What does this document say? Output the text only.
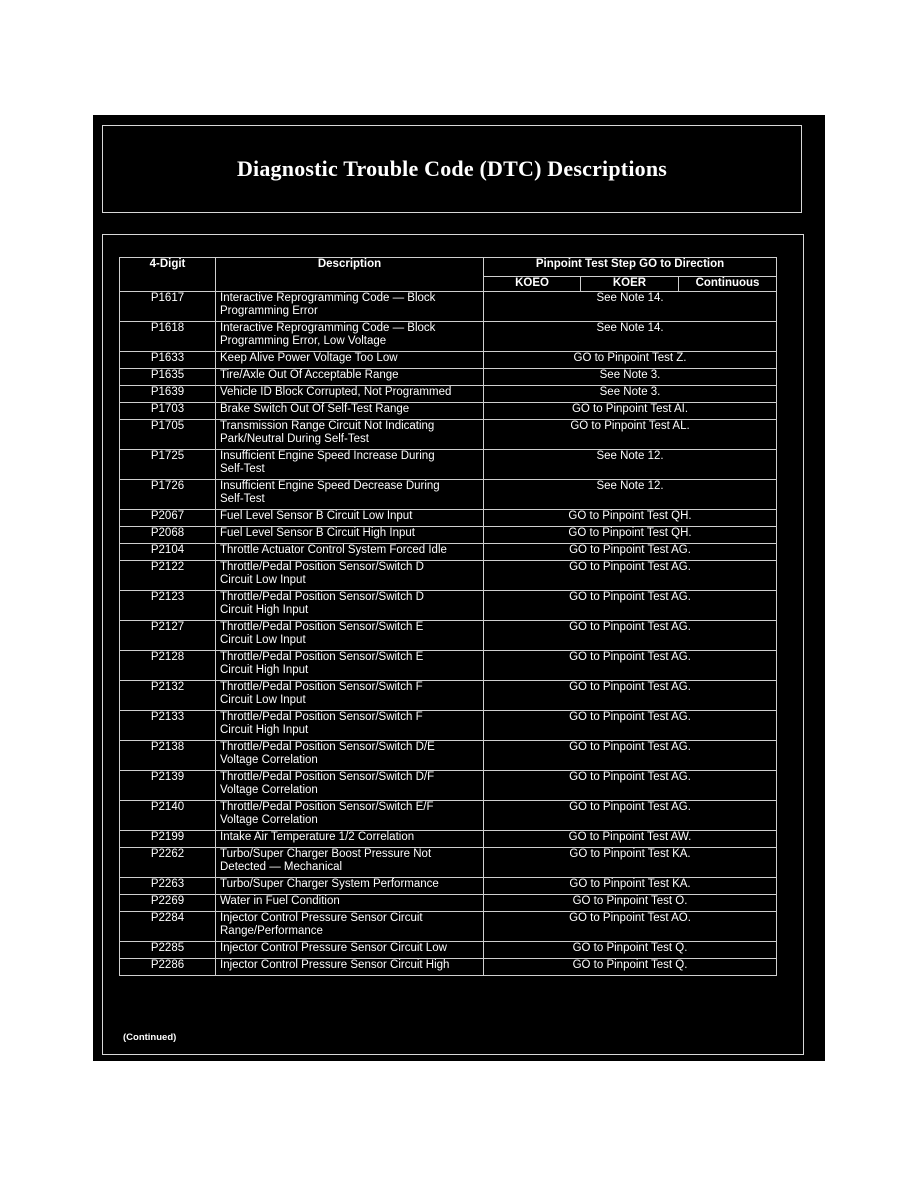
Diagnostic Trouble Code (DTC) Descriptions
4-Digit	Description	Pinpoint Test Step GO to Direction		
		KOEO	KOER	Continuous
P1617	Interactive Reprogramming Code — Block
Programming Error	See Note 14.		
P1618	Interactive Reprogramming Code — Block
Programming Error, Low Voltage	See Note 14.		
P1633	Keep Alive Power Voltage Too Low	GO to Pinpoint Test Z.		
P1635	Tire/Axle Out Of Acceptable Range	See Note 3.		
P1639	Vehicle ID Block Corrupted, Not Programmed	See Note 3.		
P1703	Brake Switch Out Of Self-Test Range	GO to Pinpoint Test AI.		
P1705	Transmission Range Circuit Not Indicating
Park/Neutral During Self-Test	GO to Pinpoint Test AL.		
P1725	Insufficient Engine Speed Increase During
Self-Test	See Note 12.		
P1726	Insufficient Engine Speed Decrease During
Self-Test	See Note 12.		
P2067	Fuel Level Sensor B Circuit Low Input	GO to Pinpoint Test QH.		
P2068	Fuel Level Sensor B Circuit High Input	GO to Pinpoint Test QH.		
P2104	Throttle Actuator Control System Forced Idle	GO to Pinpoint Test AG.		
P2122	Throttle/Pedal Position Sensor/Switch D
Circuit Low Input	GO to Pinpoint Test AG.		
P2123	Throttle/Pedal Position Sensor/Switch D
Circuit High Input	GO to Pinpoint Test AG.		
P2127	Throttle/Pedal Position Sensor/Switch E
Circuit Low Input	GO to Pinpoint Test AG.		
P2128	Throttle/Pedal Position Sensor/Switch E
Circuit High Input	GO to Pinpoint Test AG.		
P2132	Throttle/Pedal Position Sensor/Switch F
Circuit Low Input	GO to Pinpoint Test AG.		
P2133	Throttle/Pedal Position Sensor/Switch F
Circuit High Input	GO to Pinpoint Test AG.		
P2138	Throttle/Pedal Position Sensor/Switch D/E
Voltage Correlation	GO to Pinpoint Test AG.		
P2139	Throttle/Pedal Position Sensor/Switch D/F
Voltage Correlation	GO to Pinpoint Test AG.		
P2140	Throttle/Pedal Position Sensor/Switch E/F
Voltage Correlation	GO to Pinpoint Test AG.		
P2199	Intake Air Temperature 1/2 Correlation	GO to Pinpoint Test AW.		
P2262	Turbo/Super Charger Boost Pressure Not
Detected — Mechanical	GO to Pinpoint Test KA.		
P2263	Turbo/Super Charger System Performance	GO to Pinpoint Test KA.		
P2269	Water in Fuel Condition	GO to Pinpoint Test O.		
P2284	Injector Control Pressure Sensor Circuit
Range/Performance	GO to Pinpoint Test AO.		
P2285	Injector Control Pressure Sensor Circuit Low	GO to Pinpoint Test Q.		
P2286	Injector Control Pressure Sensor Circuit High	GO to Pinpoint Test Q.		
(Continued)
